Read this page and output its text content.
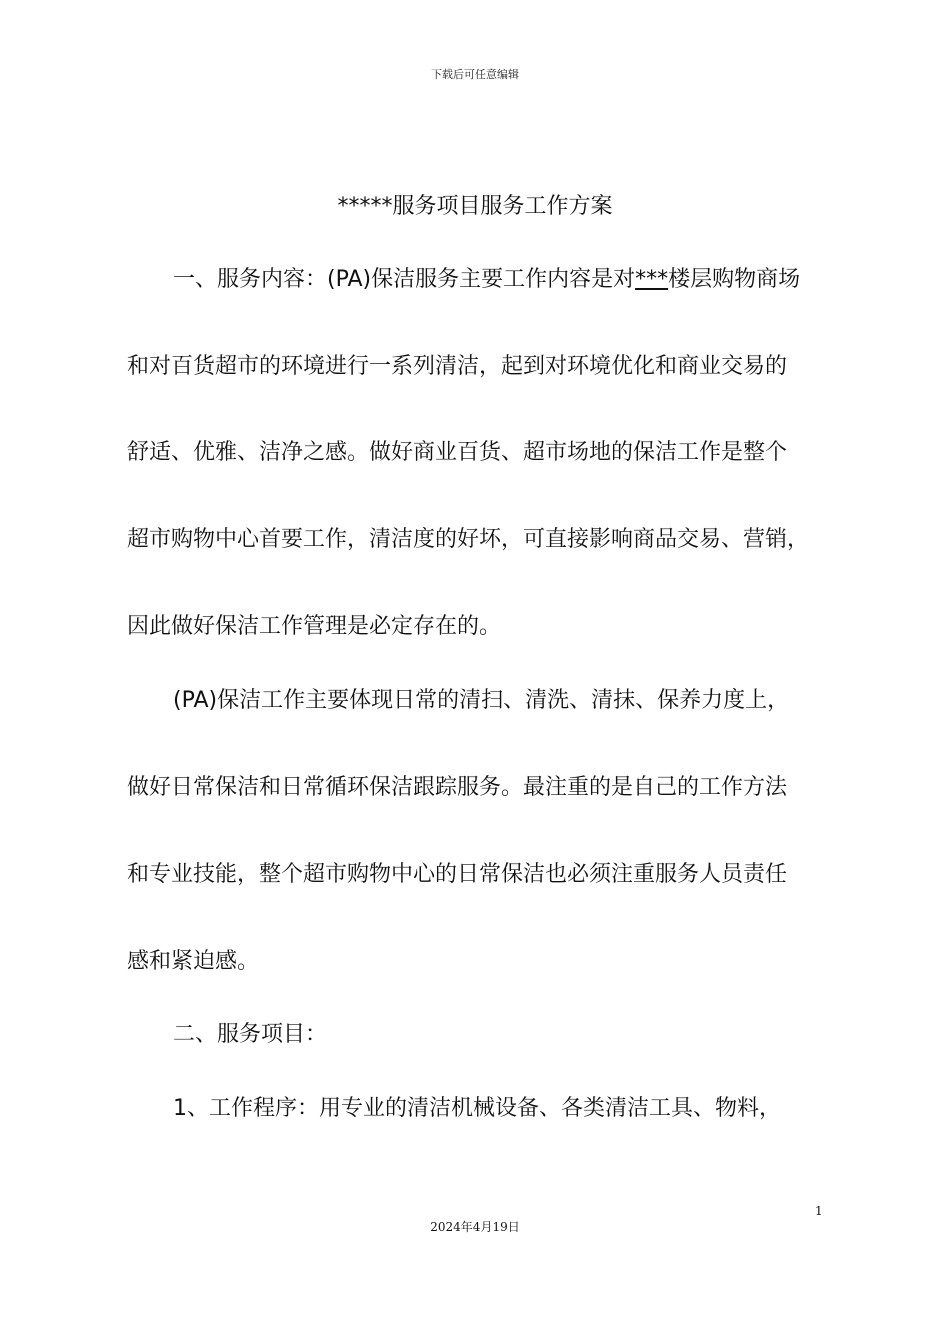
下载后可任意编辑
*****服务项目服务工作方案
一、服务内容：(PA)保洁服务主要工作内容是对***楼层购物商场
和对百货超市的环境进行一系列清洁，起到对环境优化和商业交易的
舒适、优雅、洁净之感。做好商业百货、超市场地的保洁工作是整个
超市购物中心首要工作，清洁度的好坏，可直接影响商品交易、营销，
因此做好保洁工作管理是必定存在的。
(PA)保洁工作主要体现日常的清扫、清洗、清抹、保养力度上，
做好日常保洁和日常循环保洁跟踪服务。最注重的是自己的工作方法
和专业技能，整个超市购物中心的日常保洁也必须注重服务人员责任
感和紧迫感。
二、服务项目：
1、工作程序：用专业的清洁机械设备、各类清洁工具、物料，
1
2024年4月19日
